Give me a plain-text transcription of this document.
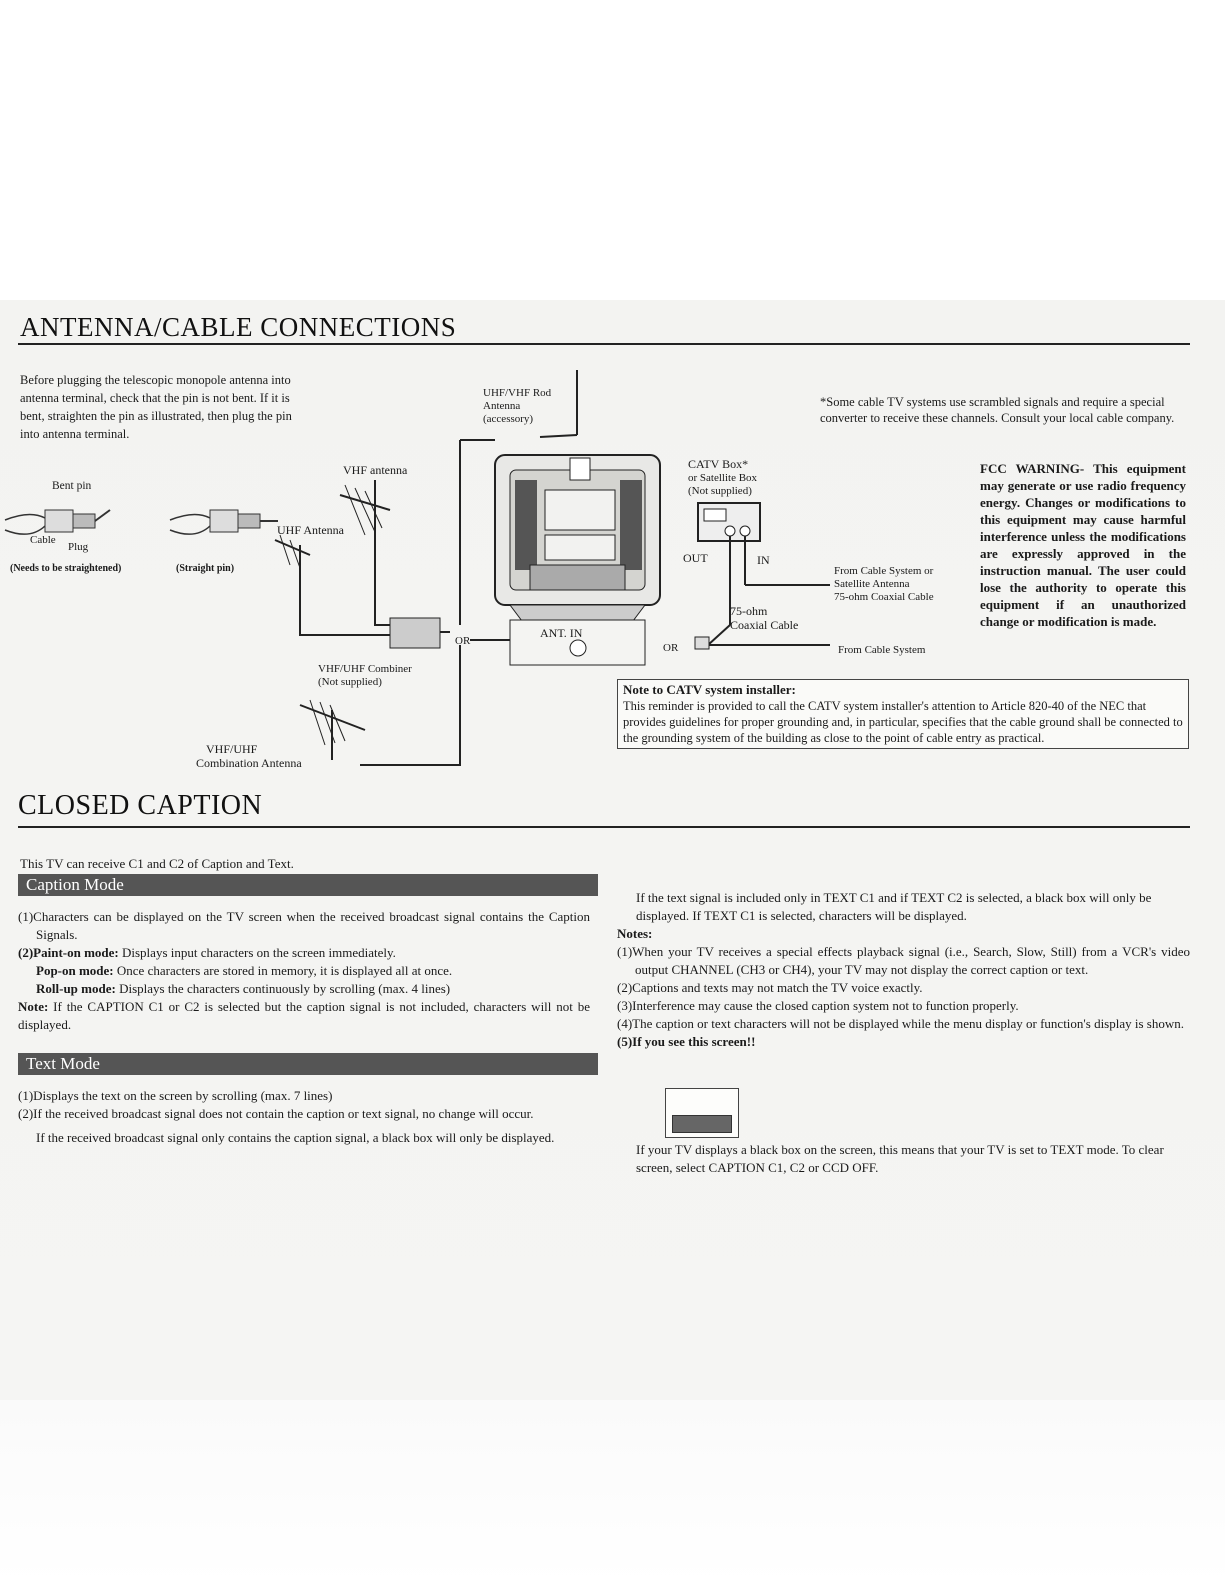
ANTENNA/CABLE CONNECTIONS
Before plugging the telescopic monopole antenna into antenna terminal, check that the pin is not bent. If it is bent, straighten the pin as illustrated, then plug the pin into antenna terminal.
Bent pin
Cable
Plug
(Needs to be straightened)	(Straight pin)
UHF/VHF Rod
Antenna
(accessory)
VHF antenna
UHF Antenna
OR
VHF/UHF Combiner
(Not supplied)
VHF/UHF
Combination Antenna
ANT. IN
OR
CATV Box*
or Satellite Box
(Not supplied)
OUT	IN
From Cable System or
Satellite Antenna
75-ohm Coaxial Cable
75-ohm
Coaxial Cable
From Cable System
*Some cable TV systems use scrambled signals and require a special converter to receive these channels. Consult your local cable company.
FCC WARNING- This equipment may generate or use radio frequency energy. Changes or modifications to this equipment may cause harmful interference unless the modifications are expressly approved in the instruction manual. The user could lose the authority to operate this equipment if an unauthorized change or modification is made.
Note to CATV system installer:
This reminder is provided to call the CATV system installer's attention to Article 820-40 of the NEC that provides guidelines for proper grounding and, in particular, specifies that the cable ground shall be connected to the grounding system of the building as close to the point of cable entry as practical.
CLOSED CAPTION
This TV can receive C1 and C2 of Caption and Text.
Caption Mode
(1)Characters can be displayed on the TV screen when the received broadcast signal contains the Caption Signals.
(2)Paint-on mode: Displays input characters on the screen immediately.
Pop-on mode: Once characters are stored in memory, it is displayed all at once.
Roll-up mode: Displays the characters continuously by scrolling (max. 4 lines)
Note: If the CAPTION C1 or C2 is selected but the caption signal is not included, characters will not be displayed.
Text Mode
(1)Displays the text on the screen by scrolling (max. 7 lines)
(2)If the received broadcast signal does not contain the caption or text signal, no change will occur.
If the received broadcast signal only contains the caption signal, a black box will only be displayed.
If the text signal is included only in TEXT C1 and if TEXT C2 is selected, a black box will only be displayed. If TEXT C1 is selected, characters will be displayed.
Notes:
(1)When your TV receives a special effects playback signal (i.e., Search, Slow, Still) from a VCR's video output CHANNEL (CH3 or CH4), your TV may not display the correct caption or text.
(2)Captions and texts may not match the TV voice exactly.
(3)Interference may cause the closed caption system not to function properly.
(4)The caption or text characters will not be displayed while the menu display or function's display is shown.
(5)If you see this screen!!
If your TV displays a black box on the screen, this means that your TV is set to TEXT mode. To clear screen, select CAPTION C1, C2 or CCD OFF.
